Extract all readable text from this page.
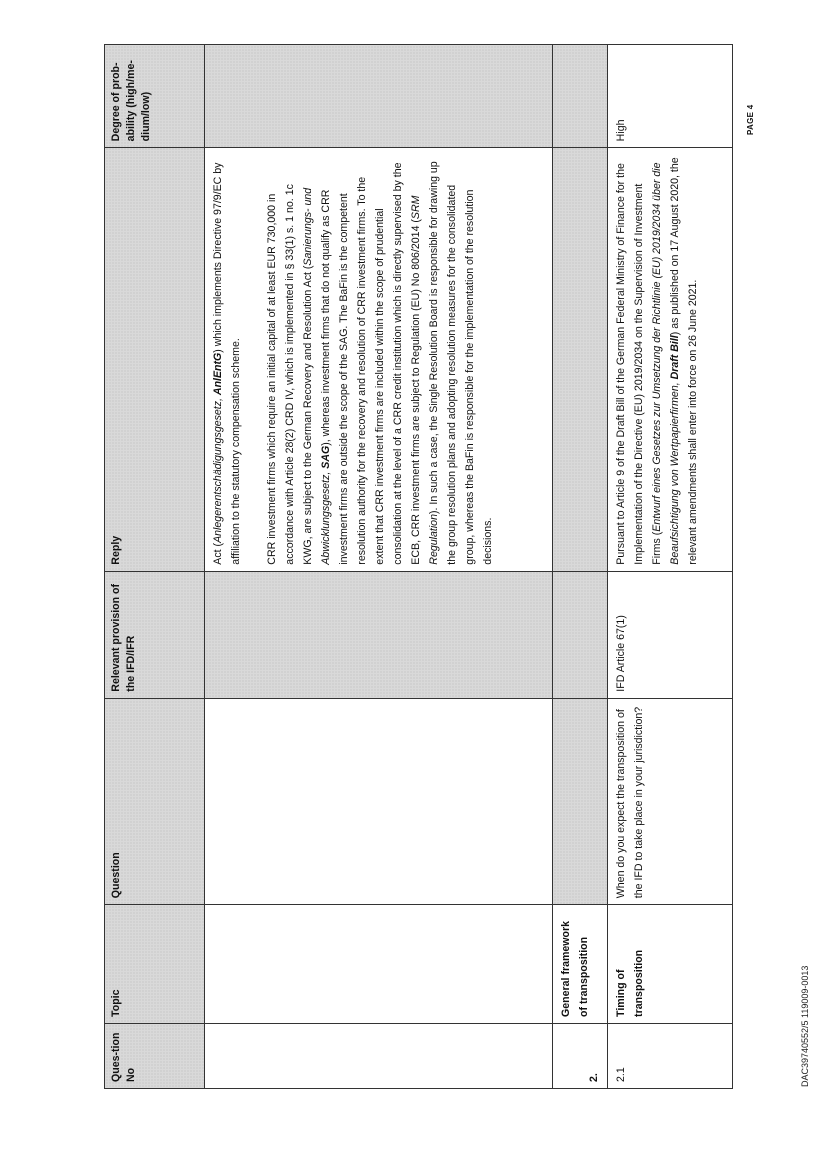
Ques-tion No	Topic	Question	Relevant provision of the IFD/IFR	Reply	Degree of prob-ability (high/me-dium/low)

				Act (Anlegerentschädigungsgesetz, AnlEntG) which implements Directive 97/9/EC by affiliation to the statutory compensation scheme. CRR investment firms which require an initial capital of at least EUR 730,000 in accordance with Article 28(2) CRD IV, which is implemented in § 33(1) s. 1 no. 1c KWG, are subject to the German Recovery and Resolution Act (Sanierungs- und Abwicklungsgesetz, SAG), whereas investment firms that do not qualify as CRR investment firms are outside the scope of the SAG. The BaFin is the competent resolution authority for the recovery and resolution of CRR investment firms. To the extent that CRR investment firms are included within the scope of prudential consolidation at the level of a CRR credit institution which is directly supervised by the ECB, CRR investment firms are subject to Regulation (EU) No 806/2014 (SRM Regulation). In such a case, the Single Resolution Board is responsible for drawing up the group resolution plans and adopting resolution measures for the consolidated group, whereas the BaFin is responsible for the implementation of the resolution decisions.	

2.	General framework of transposition				
2.1	Timing of transposition	When do you expect the transposition of the IFD to take place in your jurisdiction?	IFD Article 67(1)	Pursuant to Article 9 of the Draft Bill of the German Federal Ministry of Finance for the Implementation of the Directive (EU) 2019/2034 on the Supervision of Investment Firms (Entwurf eines Gesetzes zur Umsetzung der Richtlinie (EU) 2019/2034 über die Beaufsichtigung von Wertpapierfirmen, Draft Bill) as published on 17 August 2020, the relevant amendments shall enter into force on 26 June 2021.	High
DAC39740552/5 119009-0013
PAGE 4
